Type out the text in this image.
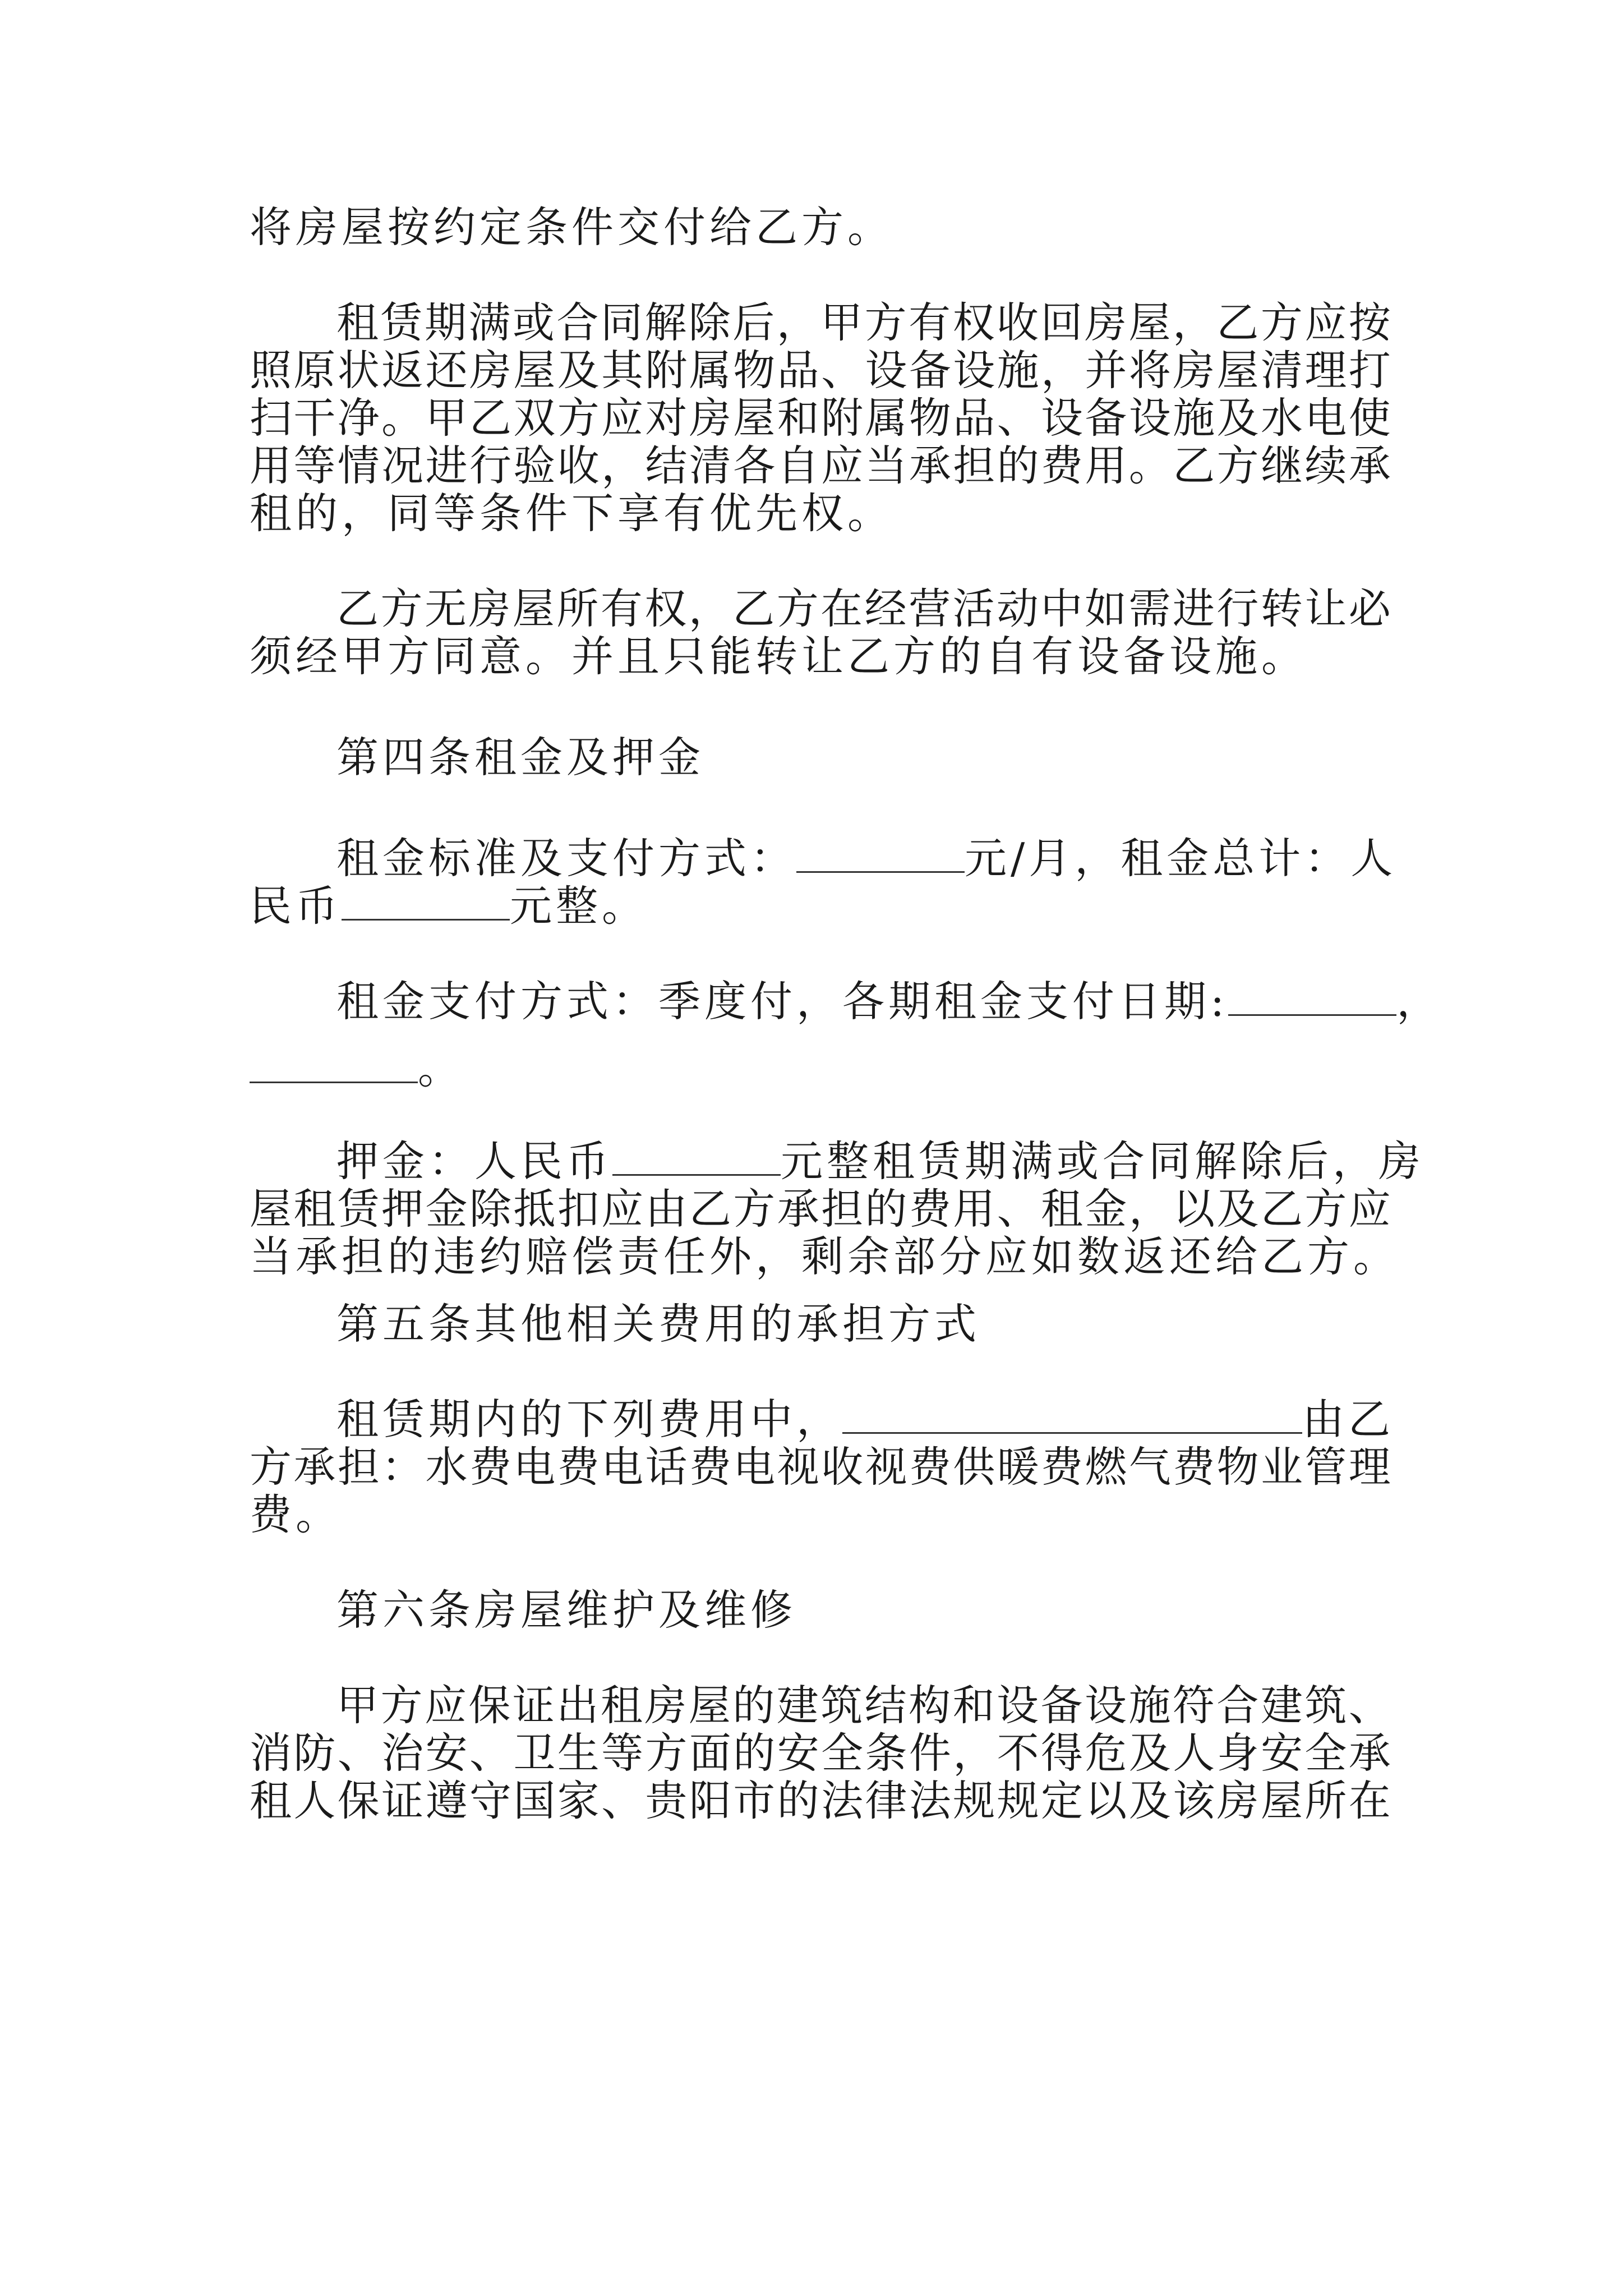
将房屋按约定条件交付给乙方。
租 赁 期 满 或 合 同 解 除 后 ， 甲 方 有 权 收 回 房 屋 ， 乙 方 应 按
照 原 状 返 还 房 屋 及 其 附 属 物 品 、 设 备 设 施 ， 并 将 房 屋 清 理 打
扫 干 净 。 甲 乙 双 方 应 对 房 屋 和 附 属 物 品 、 设 备 设 施 及 水 电 使
用 等 情 况 进 行 验 收 ， 结 清 各 自 应 当 承 担 的 费 用 。 乙 方 继 续 承
租的，同等条件下享有优先权。
乙 方 无 房 屋 所 有 权 ， 乙 方 在 经 营 活 动 中 如 需 进 行 转 让 必
须经甲方同意。并且只能转让乙方的自有设备设施。
第四条租金及押金
租金标准及支付方式：	元/月，租金总计：人
民币	元整。
租金支付方式：季度付，各期租金支付日期:	，
。
押金：人民币	元整租赁期满或合同解除后，房
屋 租 赁 押 金 除 抵 扣 应 由 乙 方 承 担 的 费 用 、 租 金 ， 以 及 乙 方 应
当承担的违约赔偿责任外，剩余部分应如数返还给乙方。
第五条其他相关费用的承担方式
租赁期内的下列费用中，	由乙
方 承 担 ： 水 费 电 费 电 话 费 电 视 收 视 费 供 暖 费 燃 气 费 物 业 管 理
费。
第六条房屋维护及维修
甲 方 应 保 证 出 租 房 屋 的 建 筑 结 构 和 设 备 设 施 符 合 建 筑 、
消 防 、 治 安 、 卫 生 等 方 面 的 安 全 条 件 ， 不 得 危 及 人 身 安 全 承
租 人 保 证 遵 守 国 家 、 贵 阳 市 的 法 律 法 规 规 定 以 及 该 房 屋 所 在
